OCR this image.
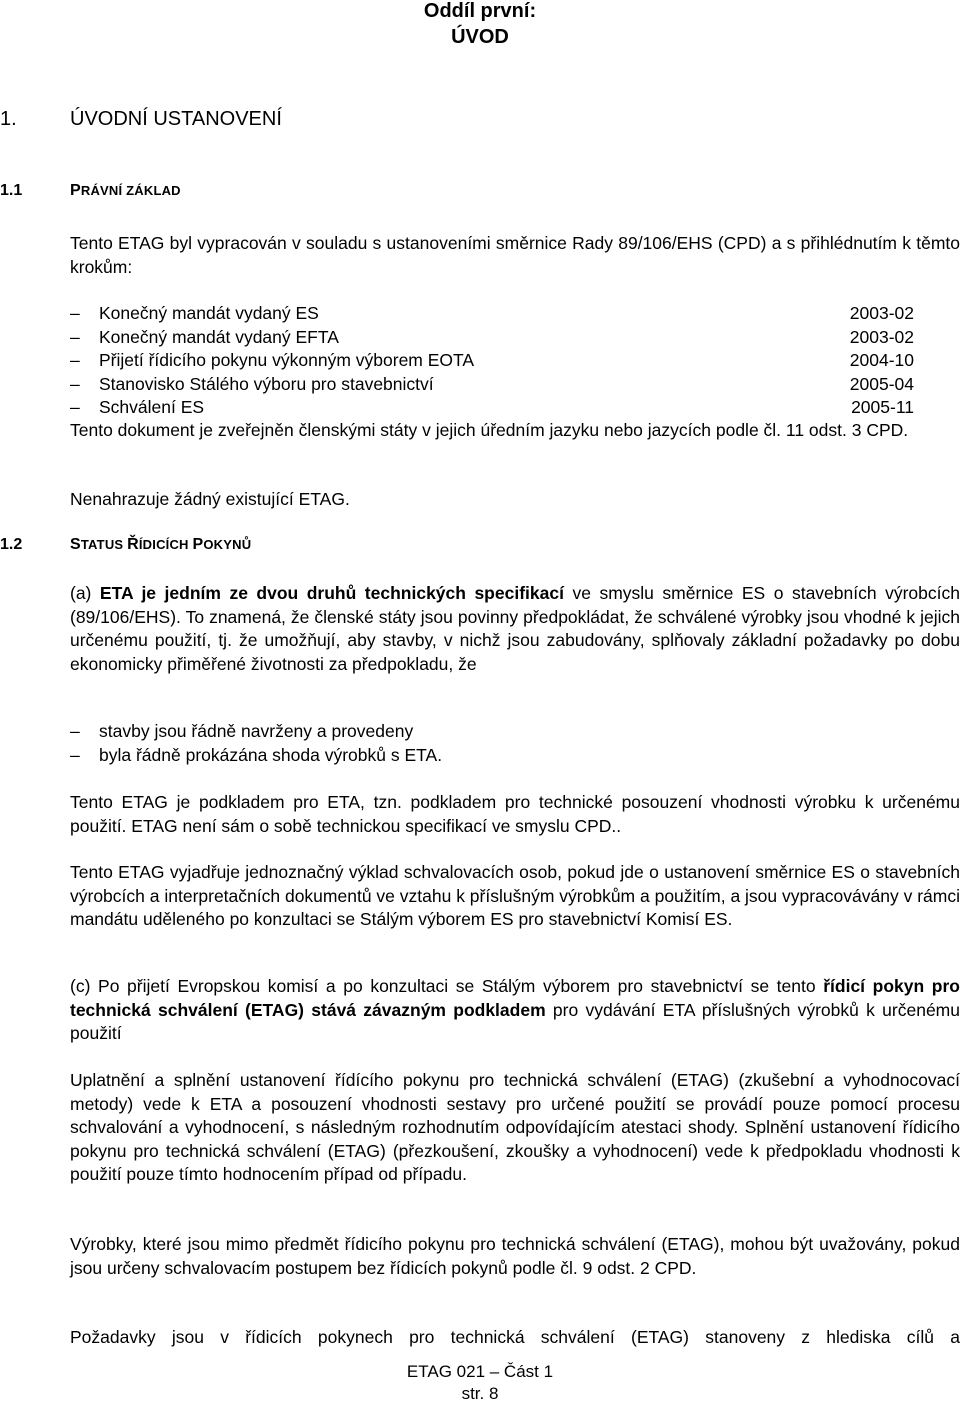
Oddíl první:
ÚVOD
1.	ÚVODNÍ USTANOVENÍ
1.1	PRÁVNÍ ZÁKLAD
Tento ETAG byl vypracován v souladu s ustanoveními směrnice Rady 89/106/EHS (CPD) a s přihlédnutím k těmto krokům:
– Konečný mandát vydaný ES	2003-02
– Konečný mandát vydaný EFTA	2003-02
– Přijetí řídicího pokynu výkonným výborem EOTA	2004-10
– Stanovisko Stálého výboru pro stavebnictví	2005-04
– Schválení ES	2005-11
Tento dokument je zveřejněn členskými státy v jejich úředním jazyku nebo jazycích podle čl. 11 odst. 3 CPD.
Nenahrazuje žádný existující ETAG.
1.2	STATUS ŘÍDICÍCH POKYNŮ
(a) ETA je jedním ze dvou druhů technických specifikací ve smyslu směrnice ES o stavebních výrobcích (89/106/EHS). To znamená, že členské státy jsou povinny předpokládat, že schválené výrobky jsou vhodné k jejich určenému použití, tj. že umožňují, aby stavby, v nichž jsou zabudovány, splňovaly základní požadavky po dobu ekonomicky přiměřené životnosti za předpokladu, že
– stavby jsou řádně navrženy a provedeny
– byla řádně prokázána shoda výrobků s ETA.
Tento ETAG je podkladem pro ETA, tzn. podkladem pro technické posouzení vhodnosti výrobku k určenému použití. ETAG není sám o sobě technickou specifikací ve smyslu CPD..
Tento ETAG vyjadřuje jednoznačný výklad schvalovacích osob, pokud jde o ustanovení směrnice ES o stavebních výrobcích a interpretačních dokumentů ve vztahu k příslušným výrobkům a použitím, a jsou vypracovávány v rámci mandátu uděleného po konzultaci se Stálým výborem ES pro stavebnictví Komisí ES.
(c) Po přijetí Evropskou komisí a po konzultaci se Stálým výborem pro stavebnictví se tento řídicí pokyn pro technická schválení (ETAG) stává závazným podkladem pro vydávání ETA příslušných výrobků k určenému použití
Uplatnění a splnění ustanovení řídícího pokynu pro technická schválení (ETAG) (zkušební a vyhodnocovací metody) vede k ETA a posouzení vhodnosti sestavy pro určené použití se provádí pouze pomocí procesu schvalování a vyhodnocení, s následným rozhodnutím odpovídajícím atestaci shody. Splnění ustanovení řídicího pokynu pro technická schválení (ETAG) (přezkoušení, zkoušky a vyhodnocení) vede k předpokladu vhodnosti k použití pouze tímto hodnocením případ od případu.
Výrobky, které jsou mimo předmět řídicího pokynu pro technická schválení (ETAG), mohou být uvažovány, pokud jsou určeny schvalovacím postupem bez řídicích pokynů podle čl. 9 odst. 2 CPD.
Požadavky jsou v řídicích pokynech pro technická schválení (ETAG) stanoveny z hlediska cílů a
ETAG 021 – Část 1
str. 8
